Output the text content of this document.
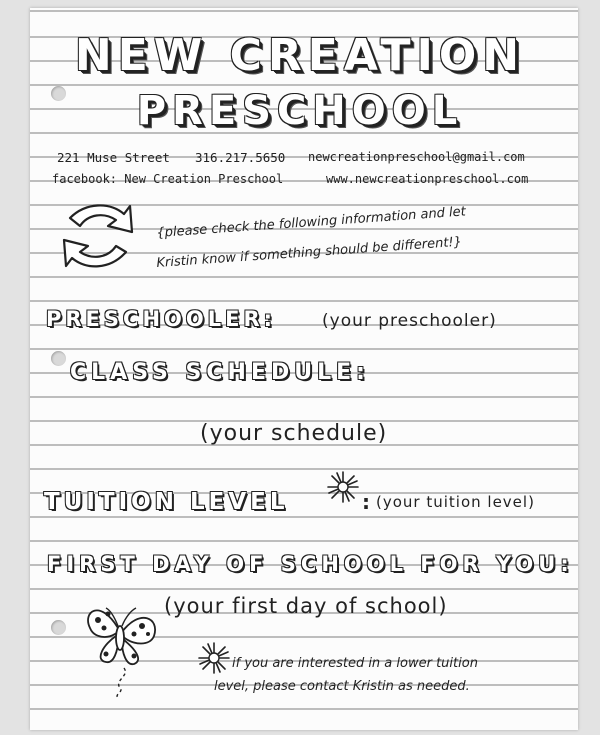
NEW CREATION
PRESCHOOL
221 Muse Street 316.217.5650 newcreationpreschool@gmail.com
facebook: New Creation Preschool	www.newcreationpreschool.com
{please check the following information and let
Kristin know if something should be different!}
PRESCHOOLER:	(your preschooler)
CLASS SCHEDULE:
(your schedule)
TUITION LEVEL	: (your tuition level)
FIRST DAY OF SCHOOL FOR YOU:
(your first day of school)
if you are interested in a lower tuition
level, please contact Kristin as needed.
